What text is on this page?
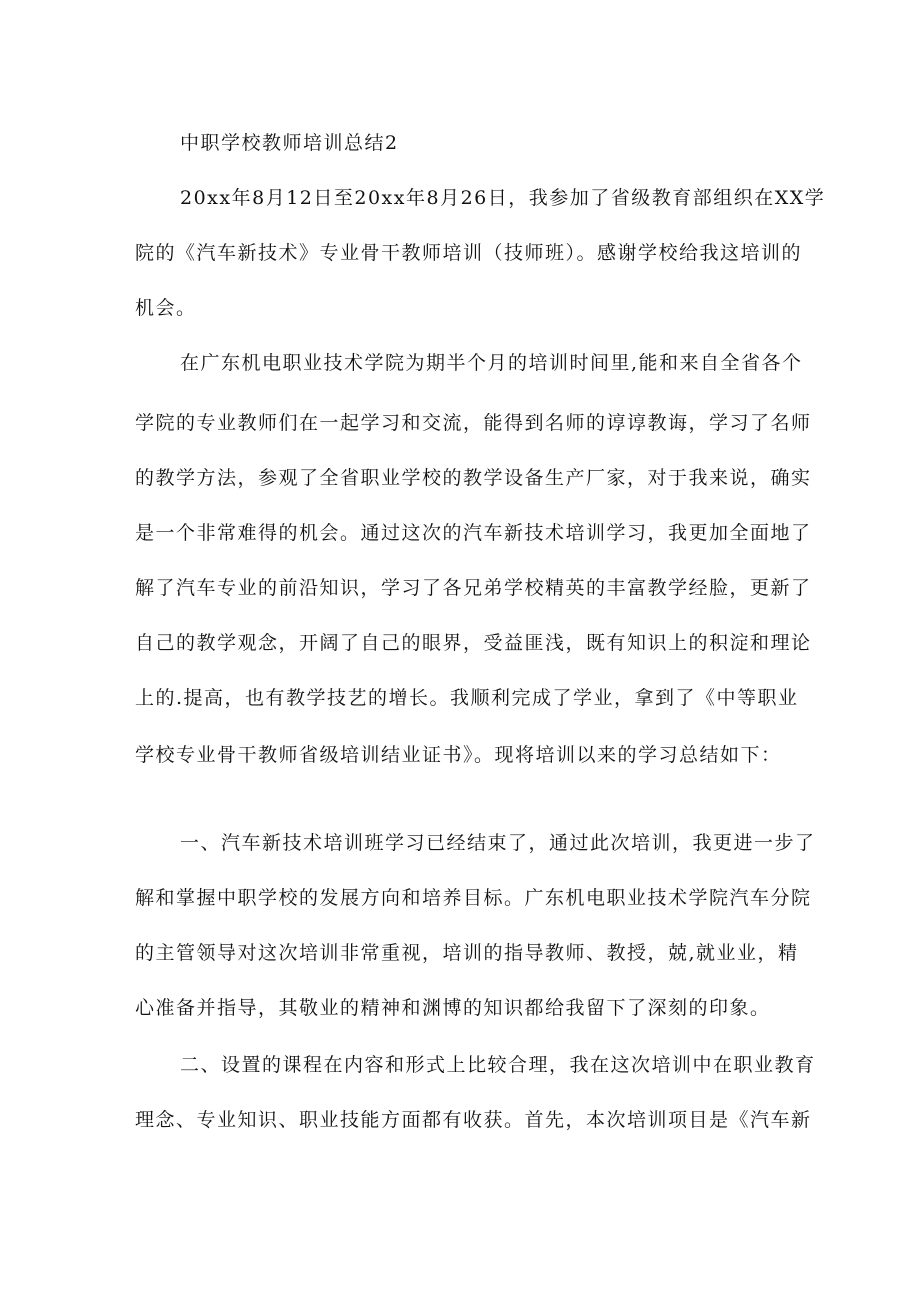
中职学校教师培训总结2
20xx年8月12日至20xx年8月26日，我参加了省级教育部组织在XX学
院的《汽车新技术》专业骨干教师培训（技师班）。感谢学校给我这培训的
机会。
在广东机电职业技术学院为期半个月的培训时间里,能和来自全省各个
学院的专业教师们在一起学习和交流，能得到名师的谆谆教诲，学习了名师
的教学方法，参观了全省职业学校的教学设备生产厂家，对于我来说，确实
是一个非常难得的机会。通过这次的汽车新技术培训学习，我更加全面地了
解了汽车专业的前沿知识，学习了各兄弟学校精英的丰富教学经脸，更新了
自己的教学观念，开阔了自己的眼界，受益匪浅，既有知识上的积淀和理论
上的.提高，也有教学技艺的增长。我顺利完成了学业，拿到了《中等职业
学校专业骨干教师省级培训结业证书》。现将培训以来的学习总结如下：
一、汽车新技术培训班学习已经结束了，通过此次培训，我更进一步了
解和掌握中职学校的发展方向和培养目标。广东机电职业技术学院汽车分院
的主管领导对这次培训非常重视，培训的指导教师、教授，兢,就业业，精
心准备并指导，其敬业的精神和渊博的知识都给我留下了深刻的印象。
二、设置的课程在内容和形式上比较合理，我在这次培训中在职业教育
理念、专业知识、职业技能方面都有收获。首先，本次培训项目是《汽车新
